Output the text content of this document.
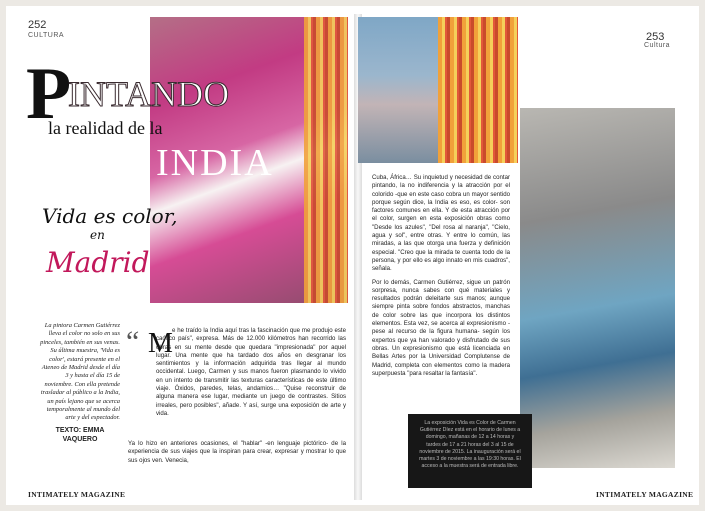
252
CULTURA
P
INTANDO
la realidad de la
INDIA
Vida es color,
en
Madrid
La pintora Carmen Gutiérrez lleva el color no solo en sus pinceles, también en sus venas. Su última muestra, 'Vida es color', estará presente en el Ateneo de Madrid desde el día 3 y hasta el día 15 de noviembre. Con ella pretende trasladar al público a la India, un país lejano que se acerca temporalmente al mundo del arte y del espectador.
TEXTO: EMMA
VAQUERO
“ M e he traído la India aquí tras la fascinación que me produjo este caótico país", expresa. Más de 12.000 kilómetros han recorrido las obras en su mente desde que quedara "impresionada" por aquel lugar. Una mente que ha tardado dos años en desgranar los sentimientos y la información adquirida tras llegar al mundo occidental. Luego, Carmen y sus manos fueron plasmando lo vivido en un intento de transmitir las texturas características de este último viaje. Óxidos, paredes, telas, andamios… "Quise reconstruir de alguna manera ese lugar, mediante un juego de contrastes. Sitios irreales, pero posibles", añade. Y así, surge una exposición de arte y vida.

Ya lo hizo en anteriores ocasiones, el "hablar" -en lenguaje pictórico- de la experiencia de sus viajes que la inspiran para crear, expresar y mostrar lo que sus ojos ven. Venecia,

INTIMATELY MAGAZINE
253
Cultura

Cuba, África… Su inquietud y necesidad de contar pintando, la no indiferencia y la atracción por el colorido -que en este caso cobra un mayor sentido porque según dice, la India es eso, es color- son factores comunes en ella. Y de esta atracción por el color, surgen en esta exposición obras como "Desde los azules", "Del rosa al naranja", "Cielo, agua y sol", entre otras. Y entre lo común, las miradas, a las que otorga una fuerza y definición especial. "Creo que la mirada te cuenta todo de la persona, y por ello es algo innato en mis cuadros", señala.

Por lo demás, Carmen Gutiérrez, sigue un patrón sorpresa, nunca sabes con qué materiales y resultados podrán deleitarte sus manos; aunque siempre pinta sobre fondos abstractos, manchas de color sobre las que incorpora los distintos elementos. Esta vez, se acerca al expresionismo -pese al recurso de la figura humana- según los expertos que ya han valorado y disfrutado de sus obras. Un expresionismo que está licenciada en Bellas Artes por la Universidad Complutense de Madrid, completa con elementos como la madera superpuesta "para resaltar la fantasía".

La exposición Vida es Color de Carmen Gutiérrez Díez está en el horario de lunes a domingo, mañanas de 12 a 14 horas y tardes de 17 a 21 horas del 3 al 15 de noviembre de 2015. La inauguración será el martes 3 de noviembre a las 19:30 horas. El acceso a la muestra será de entrada libre.
INTIMATELY MAGAZINE
